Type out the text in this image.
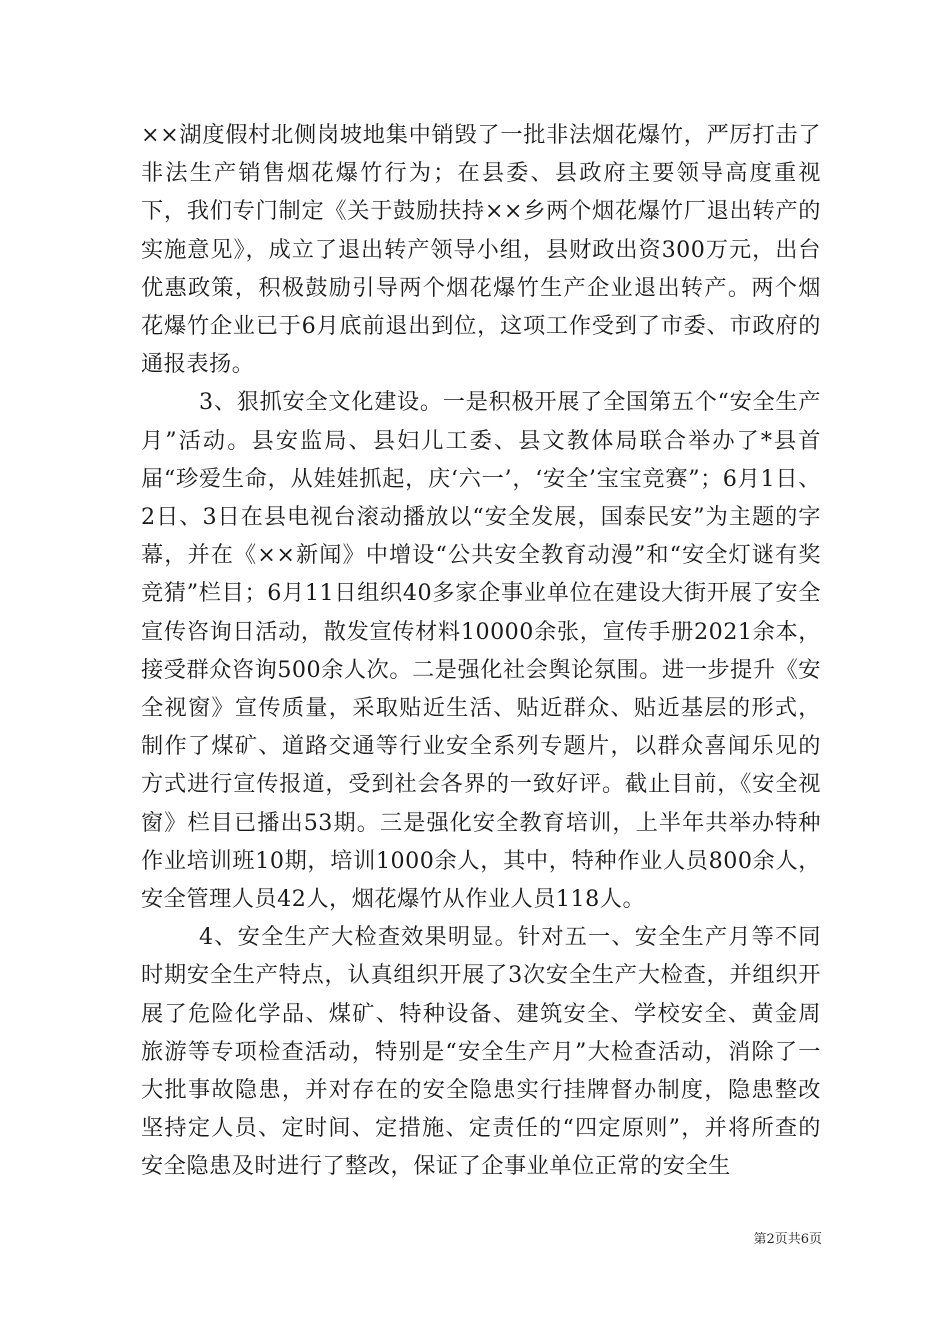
××湖度假村北侧岗坡地集中销毁了一批非法烟花爆竹，严厉打击了非法生产销售烟花爆竹行为；在县委、县政府主要领导高度重视下，我们专门制定《关于鼓励扶持××乡两个烟花爆竹厂退出转产的实施意见》，成立了退出转产领导小组，县财政出资300万元，出台优惠政策，积极鼓励引导两个烟花爆竹生产企业退出转产。两个烟花爆竹企业已于6月底前退出到位，这项工作受到了市委、市政府的通报表扬。

3、狠抓安全文化建设。一是积极开展了全国第五个“安全生产月”活动。县安监局、县妇儿工委、县文教体局联合举办了*县首届“珍爱生命，从娃娃抓起，庆‘六一’，‘安全’宝宝竞赛”；6月1日、2日、3日在县电视台滚动播放以“安全发展，国泰民安”为主题的字幕，并在《××新闻》中增设“公共安全教育动漫”和“安全灯谜有奖竞猜”栏目；6月11日组织40多家企事业单位在建设大街开展了安全宣传咨询日活动，散发宣传材料10000余张，宣传手册2021余本，接受群众咨询500余人次。二是强化社会舆论氛围。进一步提升《安全视窗》宣传质量，采取贴近生活、贴近群众、贴近基层的形式，制作了煤矿、道路交通等行业安全系列专题片，以群众喜闻乐见的方式进行宣传报道，受到社会各界的一致好评。截止目前，《安全视窗》栏目已播出53期。三是强化安全教育培训，上半年共举办特种作业培训班10期，培训1000余人，其中，特种作业人员800余人，安全管理人员42人，烟花爆竹从作业人员118人。

4、安全生产大检查效果明显。针对五一、安全生产月等不同时期安全生产特点，认真组织开展了3次安全生产大检查，并组织开展了危险化学品、煤矿、特种设备、建筑安全、学校安全、黄金周旅游等专项检查活动，特别是“安全生产月”大检查活动，消除了一大批事故隐患，并对存在的安全隐患实行挂牌督办制度，隐患整改坚持定人员、定时间、定措施、定责任的“四定原则”，并将所查的安全隐患及时进行了整改，保证了企事业单位正常的安全生

第2页共6页
